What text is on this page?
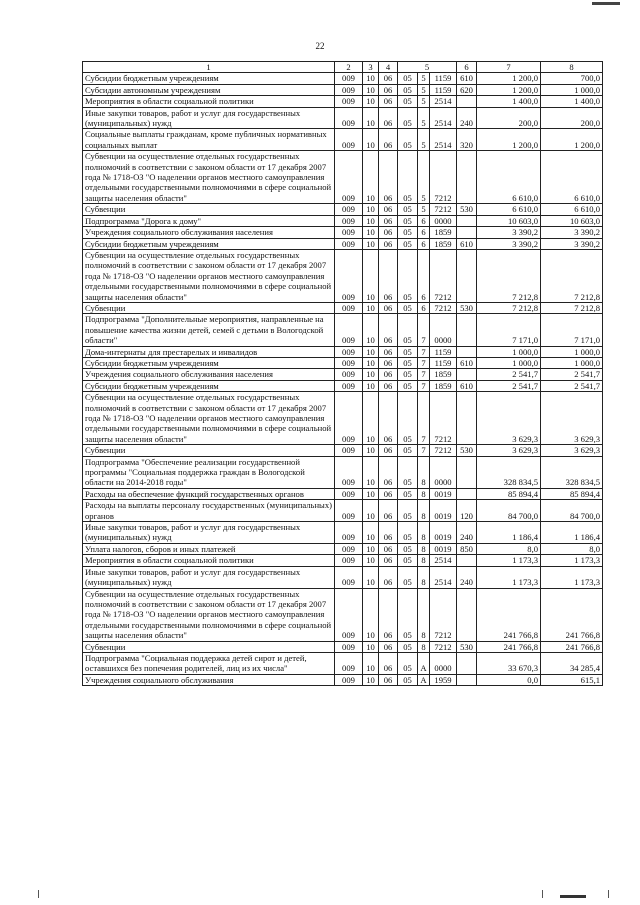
22
1	2	3	4	5			6	7	8
Субсидии бюджетным учреждениям	009	10	06	05	5	1159	610	1 200,0	700,0
Субсидии автономным учреждениям	009	10	06	05	5	1159	620	1 200,0	1 000,0
Мероприятия в области социальной политики	009	10	06	05	5	2514		1 400,0	1 400,0
Иные закупки товаров, работ и услуг для государственных (муниципальных) нужд	009	10	06	05	5	2514	240	200,0	200,0
Социальные выплаты гражданам, кроме публичных нормативных социальных выплат	009	10	06	05	5	2514	320	1 200,0	1 200,0
Субвенции на осуществление отдельных государственных полномочий в соответствии с законом области от 17 декабря 2007 года № 1718-ОЗ "О наделении органов местного самоуправления отдельными государственными полномочиями в сфере социальной защиты населения области"	009	10	06	05	5	7212		6 610,0	6 610,0
Субвенции	009	10	06	05	5	7212	530	6 610,0	6 610,0
Подпрограмма "Дорога к дому"	009	10	06	05	6	0000		10 603,0	10 603,0
Учреждения социального обслуживания населения	009	10	06	05	6	1859		3 390,2	3 390,2
Субсидии бюджетным учреждениям	009	10	06	05	6	1859	610	3 390,2	3 390,2
Субвенции на осуществление отдельных государственных полномочий в соответствии с законом области от 17 декабря 2007 года № 1718-ОЗ "О наделении органов местного самоуправления отдельными государственными полномочиями в сфере социальной защиты населения области"	009	10	06	05	6	7212		7 212,8	7 212,8
Субвенции	009	10	06	05	6	7212	530	7 212,8	7 212,8
Подпрограмма "Дополнительные мероприятия, направленные на повышение качества жизни детей, семей с детьми в Вологодской области"	009	10	06	05	7	0000		7 171,0	7 171,0
Дома-интернаты для престарелых и инвалидов	009	10	06	05	7	1159		1 000,0	1 000,0
Субсидии бюджетным учреждениям	009	10	06	05	7	1159	610	1 000,0	1 000,0
Учреждения социального обслуживания населения	009	10	06	05	7	1859		2 541,7	2 541,7
Субсидии бюджетным учреждениям	009	10	06	05	7	1859	610	2 541,7	2 541,7
Субвенции на осуществление отдельных государственных полномочий в соответствии с законом области от 17 декабря 2007 года № 1718-ОЗ "О наделении органов местного самоуправления отдельными государственными полномочиями в сфере социальной защиты населения области"	009	10	06	05	7	7212		3 629,3	3 629,3
Субвенции	009	10	06	05	7	7212	530	3 629,3	3 629,3
Подпрограмма "Обеспечение реализации государственной программы "Социальная поддержка граждан в Вологодской области на 2014-2018 годы"	009	10	06	05	8	0000		328 834,5	328 834,5
Расходы на обеспечение функций государственных органов	009	10	06	05	8	0019		85 894,4	85 894,4
Расходы на выплаты персоналу государственных (муниципальных) органов	009	10	06	05	8	0019	120	84 700,0	84 700,0
Иные закупки товаров, работ и услуг для государственных (муниципальных) нужд	009	10	06	05	8	0019	240	1 186,4	1 186,4
Уплата налогов, сборов и иных платежей	009	10	06	05	8	0019	850	8,0	8,0
Мероприятия в области социальной политики	009	10	06	05	8	2514		1 173,3	1 173,3
Иные закупки товаров, работ и услуг для государственных (муниципальных) нужд	009	10	06	05	8	2514	240	1 173,3	1 173,3
Субвенции на осуществление отдельных государственных полномочий в соответствии с законом области от 17 декабря 2007 года № 1718-ОЗ "О наделении органов местного самоуправления отдельными государственными полномочиями в сфере социальной защиты населения области"	009	10	06	05	8	7212		241 766,8	241 766,8
Субвенции	009	10	06	05	8	7212	530	241 766,8	241 766,8
Подпрограмма "Социальная поддержка детей сирот и детей, оставшихся без попечения родителей, лиц из их числа"	009	10	06	05	А	0000		33 670,3	34 285,4
Учреждения социального обслуживания	009	10	06	05	А	1959		0,0	615,1
